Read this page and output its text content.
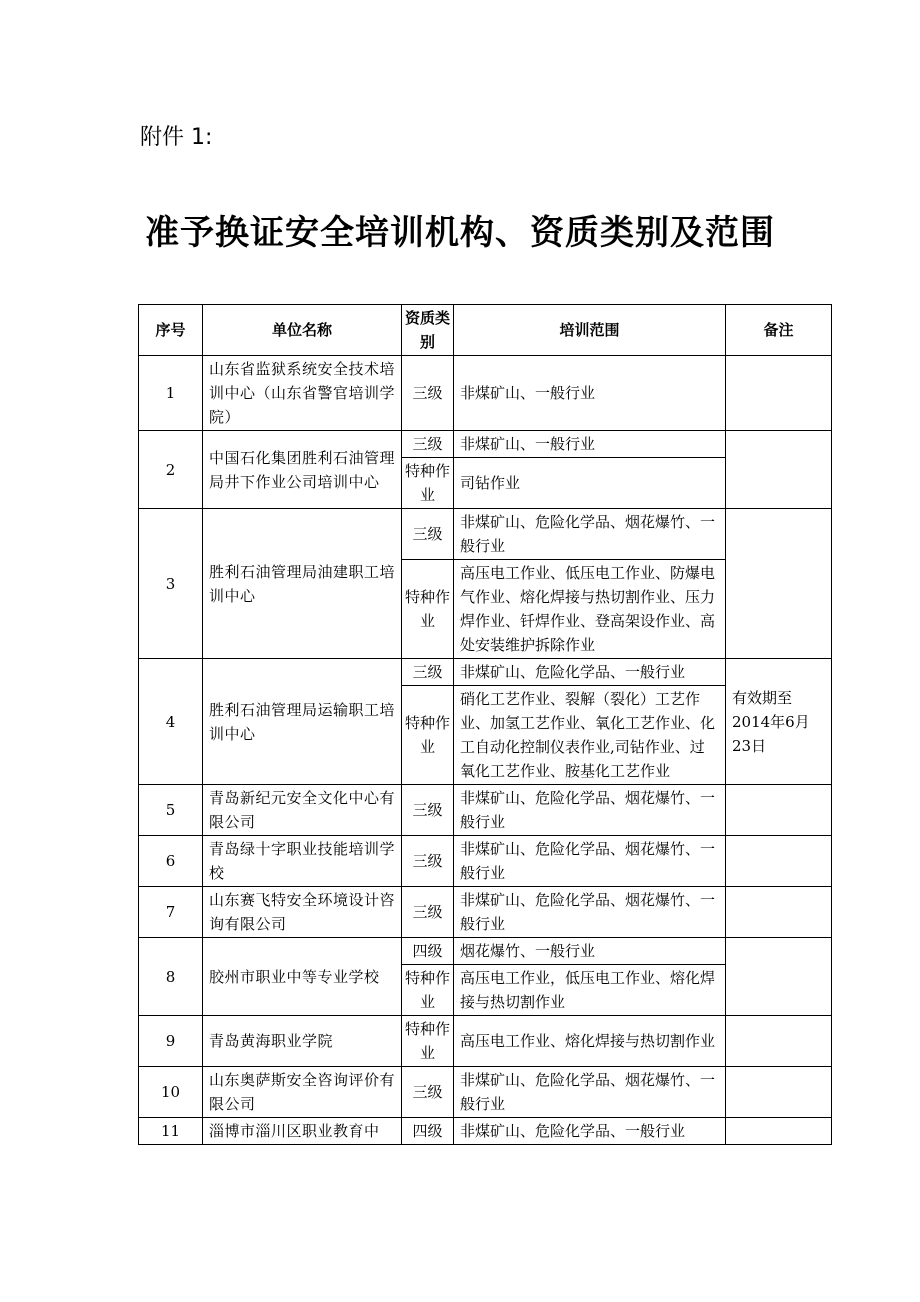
附件 1:
准予换证安全培训机构、资质类别及范围
序号	单位名称	资质类别	培训范围	备注
1	山东省监狱系统安全技术培训中心（山东省警官培训学院）	三级	非煤矿山、一般行业	
2	中国石化集团胜利石油管理局井下作业公司培训中心	三级	非煤矿山、一般行业	
		特种作业	司钻作业	
3	胜利石油管理局油建职工培训中心	三级	非煤矿山、危险化学品、烟花爆竹、一般行业	
		特种作业	高压电工作业、低压电工作业、防爆电气作业、熔化焊接与热切割作业、压力焊作业、钎焊作业、登高架设作业、高处安装维护拆除作业	
4	胜利石油管理局运输职工培训中心	三级	非煤矿山、危险化学品、一般行业	有效期至2014年6月23日
		特种作业	硝化工艺作业、裂解（裂化）工艺作业、加氢工艺作业、氧化工艺作业、化工自动化控制仪表作业,司钻作业、过氧化工艺作业、胺基化工艺作业	
5	青岛新纪元安全文化中心有限公司	三级	非煤矿山、危险化学品、烟花爆竹、一般行业	
6	青岛绿十字职业技能培训学校	三级	非煤矿山、危险化学品、烟花爆竹、一般行业	
7	山东赛飞特安全环境设计咨询有限公司	三级	非煤矿山、危险化学品、烟花爆竹、一般行业	
8	胶州市职业中等专业学校	四级	烟花爆竹、一般行业	
		特种作业	高压电工作业，低压电工作业、熔化焊接与热切割作业	
9	青岛黄海职业学院	特种作业	高压电工作业、熔化焊接与热切割作业	
10	山东奥萨斯安全咨询评价有限公司	三级	非煤矿山、危险化学品、烟花爆竹、一般行业	
11	淄博市淄川区职业教育中	四级	非煤矿山、危险化学品、一般行业	
